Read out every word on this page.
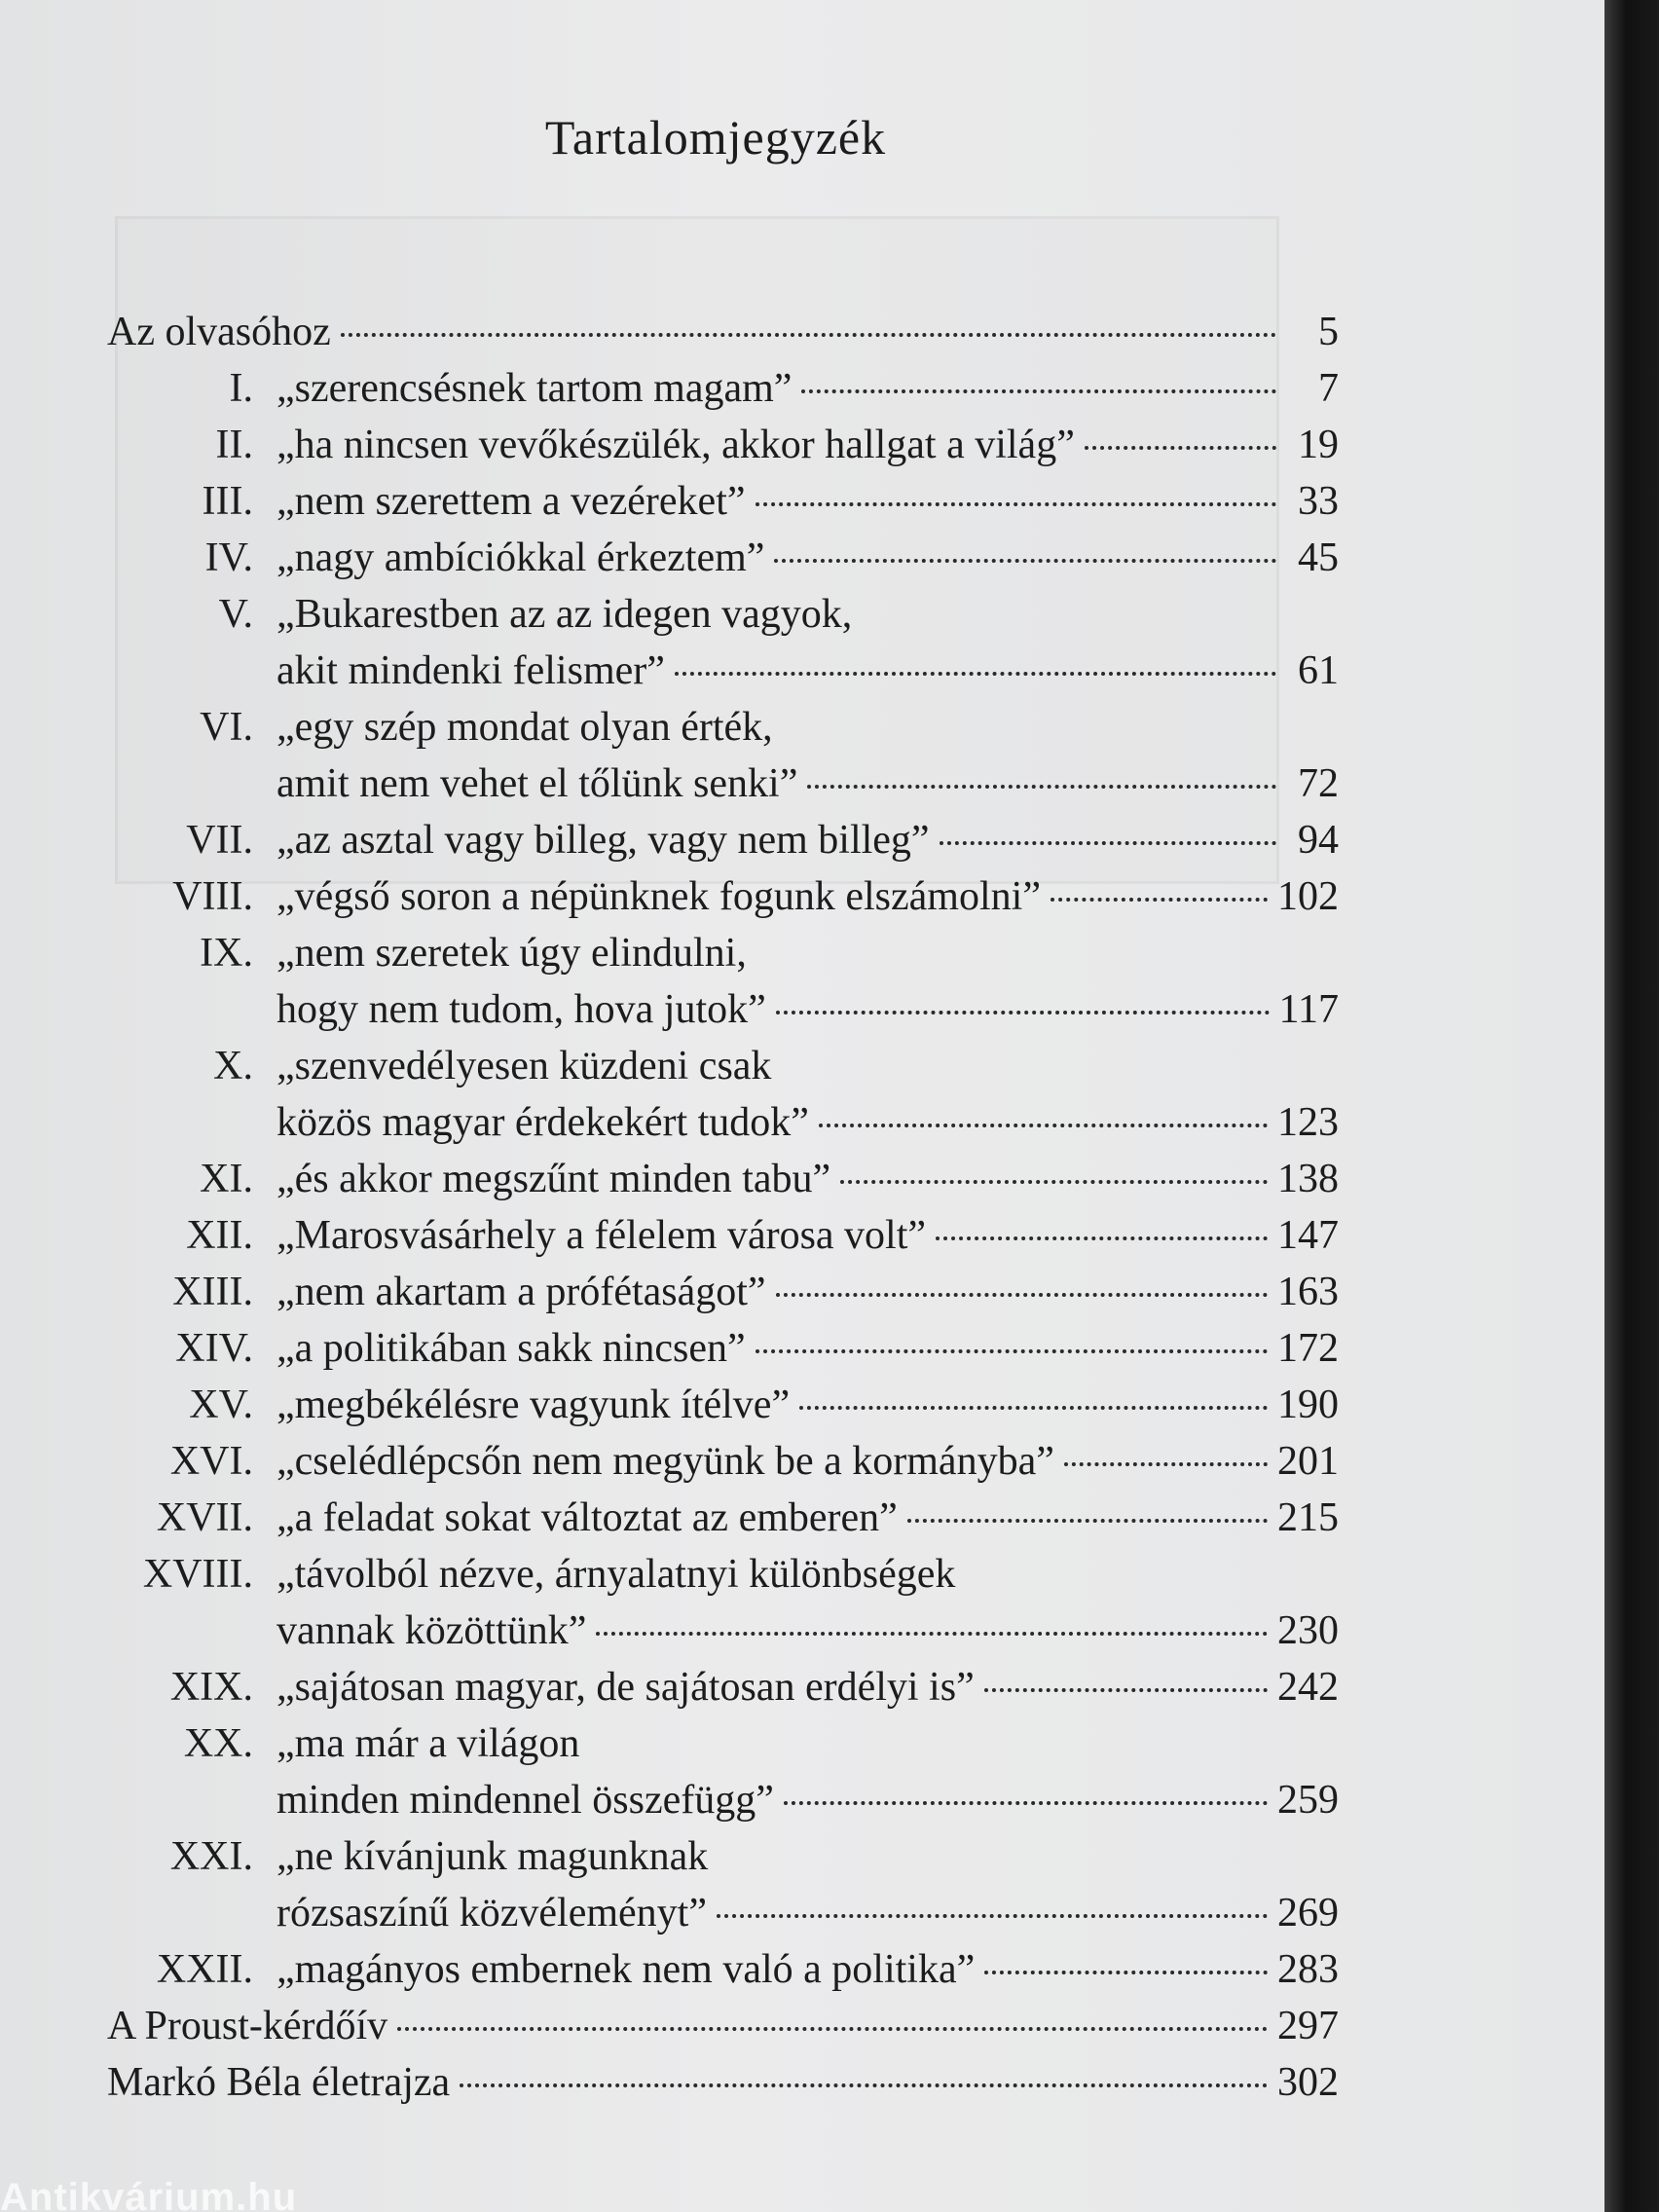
Tartalomjegyzék
Az olvasóhoz	5
I. „szerencsésnek tartom magam”	7
II. „ha nincsen vevőkészülék, akkor hallgat a világ”	19
III. „nem szerettem a vezéreket”	33
IV. „nagy ambíciókkal érkeztem”	45
V. „Bukarestben az az idegen vagyok,
akit mindenki felismer”	61
VI. „egy szép mondat olyan érték,
amit nem vehet el tőlünk senki”	72
VII. „az asztal vagy billeg, vagy nem billeg”	94
VIII. „végső soron a népünknek fogunk elszámolni”	102
IX. „nem szeretek úgy elindulni,
hogy nem tudom, hova jutok”	117
X. „szenvedélyesen küzdeni csak
közös magyar érdekekért tudok”	123
XI. „és akkor megszűnt minden tabu”	138
XII. „Marosvásárhely a félelem városa volt”	147
XIII. „nem akartam a prófétaságot”	163
XIV. „a politikában sakk nincsen”	172
XV. „megbékélésre vagyunk ítélve”	190
XVI. „cselédlépcsőn nem megyünk be a kormányba”	201
XVII. „a feladat sokat változtat az emberen”	215
XVIII. „távolból nézve, árnyalatnyi különbségek
vannak közöttünk”	230
XIX. „sajátosan magyar, de sajátosan erdélyi is”	242
XX. „ma már a világon
minden mindennel összefügg”	259
XXI. „ne kívánjunk magunknak
rózsaszínű közvéleményt”	269
XXII. „magányos embernek nem való a politika”	283
A Proust-kérdőív	297
Markó Béla életrajza	302
Antikvárium.hu
